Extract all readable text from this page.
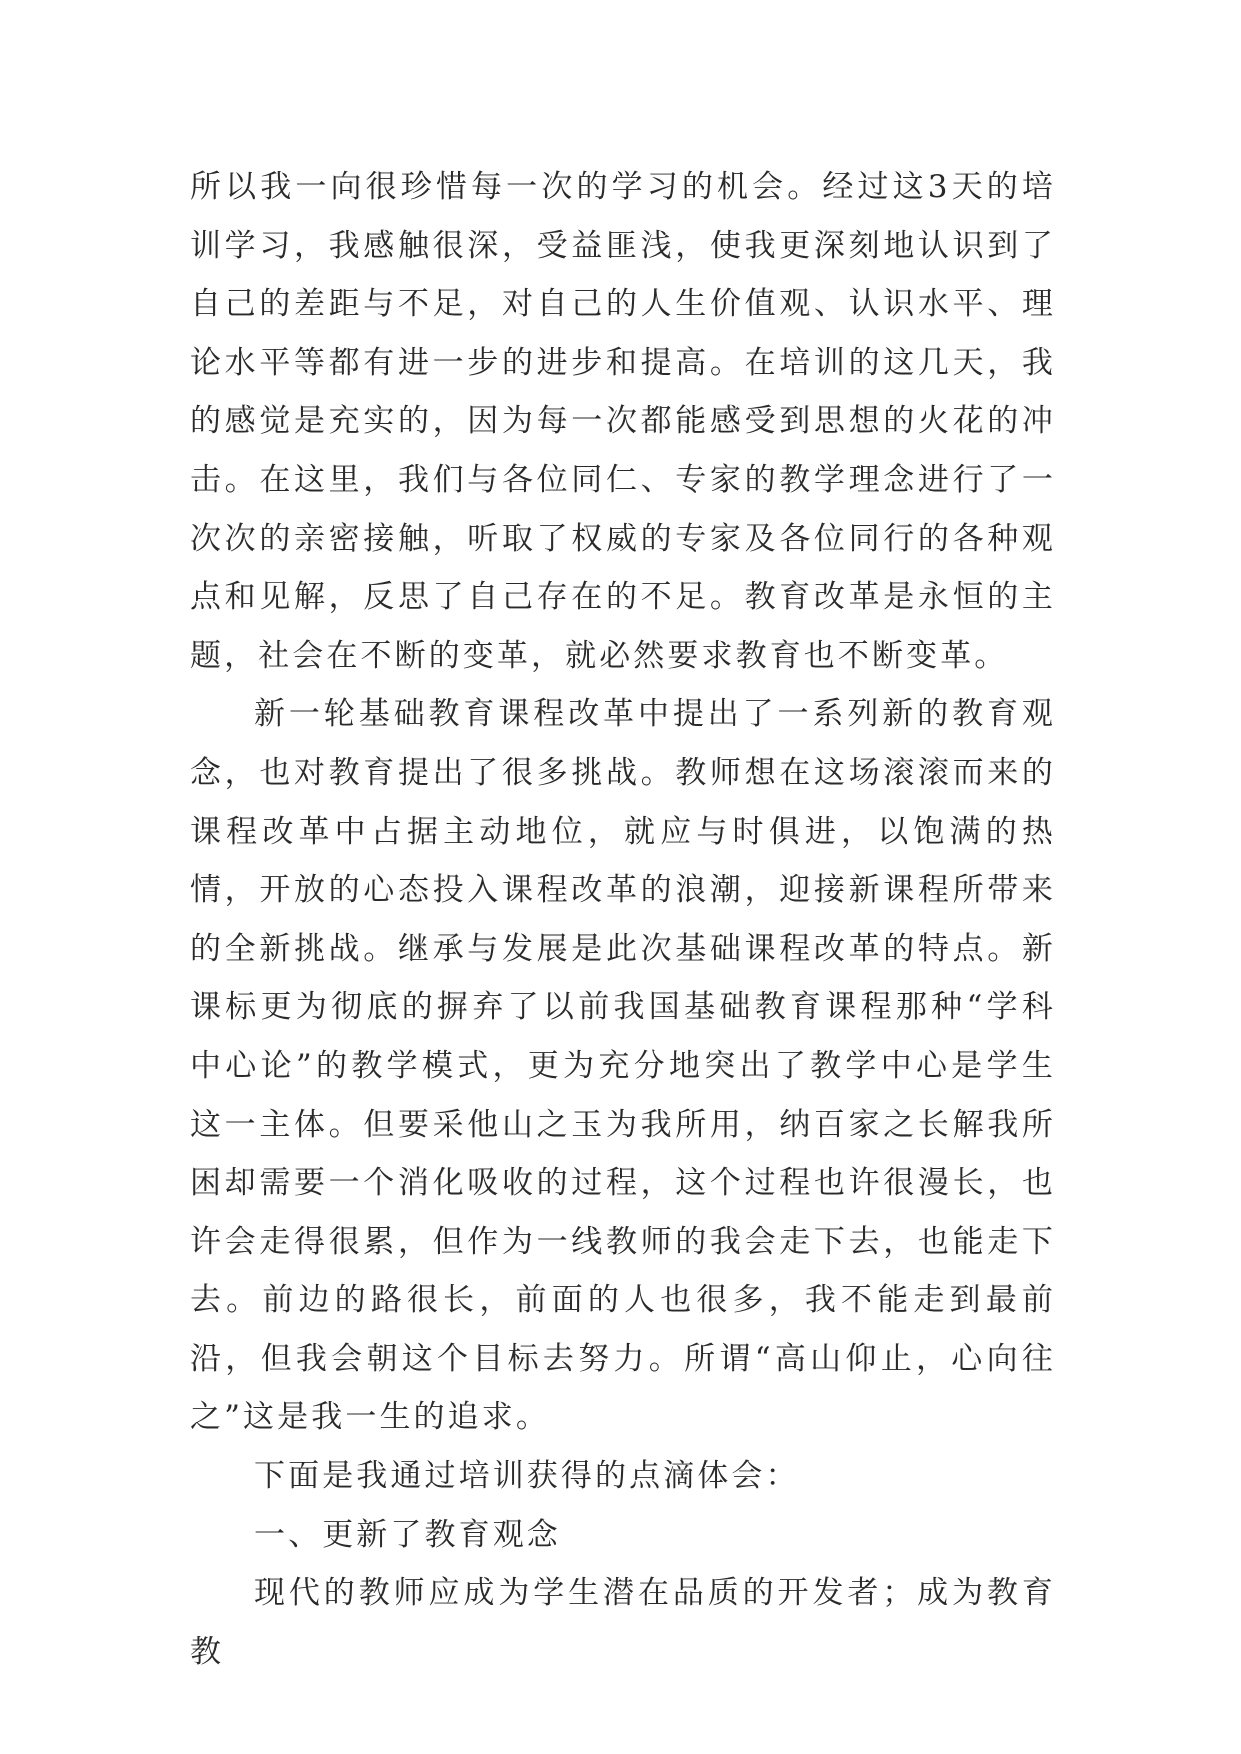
所以我一向很珍惜每一次的学习的机会。经过这3天的培训学习，我感触很深，受益匪浅，使我更深刻地认识到了自己的差距与不足，对自己的人生价值观、认识水平、理论水平等都有进一步的进步和提高。在培训的这几天，我的感觉是充实的，因为每一次都能感受到思想的火花的冲击。在这里，我们与各位同仁、专家的教学理念进行了一次次的亲密接触，听取了权威的专家及各位同行的各种观点和见解，反思了自己存在的不足。教育改革是永恒的主题，社会在不断的变革，就必然要求教育也不断变革。

新一轮基础教育课程改革中提出了一系列新的教育观念，也对教育提出了很多挑战。教师想在这场滚滚而来的课程改革中占据主动地位，就应与时俱进，以饱满的热情，开放的心态投入课程改革的浪潮，迎接新课程所带来的全新挑战。继承与发展是此次基础课程改革的特点。新课标更为彻底的摒弃了以前我国基础教育课程那种“学科中心论”的教学模式，更为充分地突出了教学中心是学生这一主体。但要采他山之玉为我所用，纳百家之长解我所困却需要一个消化吸收的过程，这个过程也许很漫长，也许会走得很累，但作为一线教师的我会走下去，也能走下去。前边的路很长，前面的人也很多，我不能走到最前沿，但我会朝这个目标去努力。所谓“高山仰止，心向往之”这是我一生的追求。

下面是我通过培训获得的点滴体会：

一、更新了教育观念

现代的教师应成为学生潜在品质的开发者；成为教育教
